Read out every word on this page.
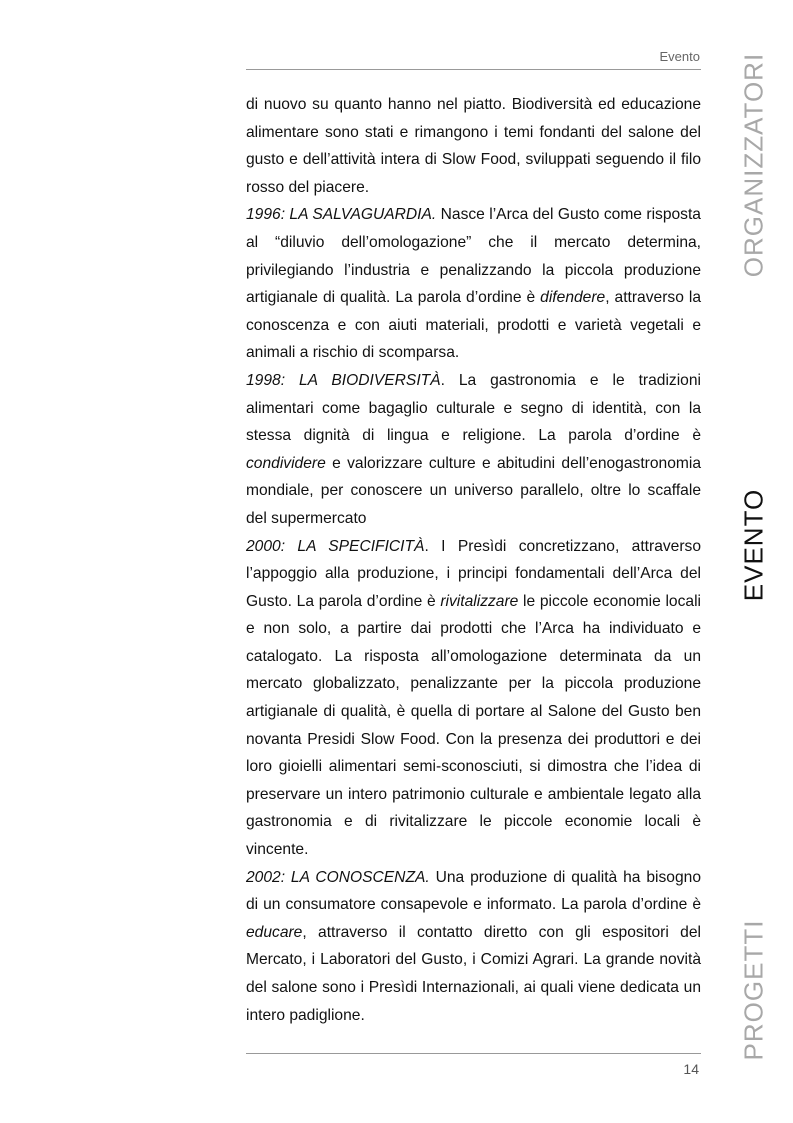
Evento

di nuovo su quanto hanno nel piatto. Biodiversità ed educazione alimentare sono stati e rimangono i temi fondanti del salone del gusto e dell’attività intera di Slow Food, sviluppati seguendo il filo rosso del piacere.

1996: LA SALVAGUARDIA. Nasce l’Arca del Gusto come risposta al “diluvio dell’omologazione” che il mercato determina, privilegiando l’industria e penalizzando la piccola produzione artigianale di qualità. La parola d’ordine è difendere, attraverso la conoscenza e con aiuti materiali, prodotti e varietà vegetali e animali a rischio di scomparsa.

1998: LA BIODIVERSITÀ. La gastronomia e le tradizioni alimentari come bagaglio culturale e segno di identità, con la stessa dignità di lingua e religione. La parola d’ordine è condividere e valorizzare culture e abitudini dell’enogastronomia mondiale, per conoscere un universo parallelo, oltre lo scaffale del supermercato

2000: LA SPECIFICITÀ. I Presìdi concretizzano, attraverso l’appoggio alla produzione, i principi fondamentali dell’Arca del Gusto. La parola d’ordine è rivitalizzare le piccole economie locali e non solo, a partire dai prodotti che l’Arca ha individuato e catalogato. La risposta all’omologazione determinata da un mercato globalizzato, penalizzante per la piccola produzione artigianale di qualità, è quella di portare al Salone del Gusto ben novanta Presidi Slow Food. Con la presenza dei produttori e dei loro gioielli alimentari semi-sconosciuti, si dimostra che l’idea di preservare un intero patrimonio culturale e ambientale legato alla gastronomia e di rivitalizzare le piccole economie locali è vincente.

2002: LA CONOSCENZA. Una produzione di qualità ha bisogno di un consumatore consapevole e informato. La parola d’ordine è educare, attraverso il contatto diretto con gli espositori del Mercato, i Laboratori del Gusto, i Comizi Agrari. La grande novità del salone sono i Presìdi Internazionali, ai quali viene dedicata un intero padiglione.

14
ORGANIZZATORI
EVENTO
PROGETTI
